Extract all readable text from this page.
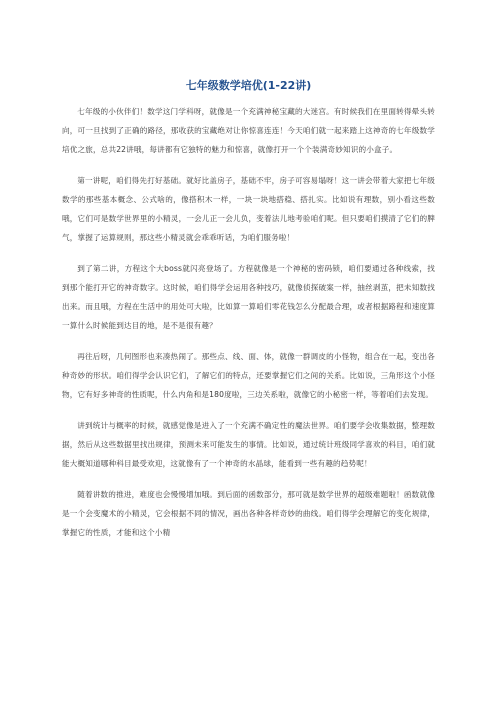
七年级数学培优(1-22讲)

七年级的小伙伴们！数学这门学科呀，就像是一个充满神秘宝藏的大迷宫。有时候我们在里面转得晕头转向，可一旦找到了正确的路径，那收获的宝藏绝对让你惊喜连连！今天咱们就一起来踏上这神奇的七年级数学培优之旅，总共22讲哦，每讲都有它独特的魅力和惊喜，就像打开一个个装满奇妙知识的小盒子。

第一讲呢，咱们得先打好基础。就好比盖房子，基础不牢，房子可容易塌呀！这一讲会带着大家把七年级数学的那些基本概念、公式啥的，像搭积木一样，一块一块地搭稳、搭扎实。比如说有理数，别小看这些数哦，它们可是数学世界里的小精灵，一会儿正一会儿负，变着法儿地考验咱们呢。但只要咱们摸清了它们的脾气，掌握了运算规则，那这些小精灵就会乖乖听话，为咱们服务啦！

到了第二讲，方程这个大boss就闪亮登场了。方程就像是一个神秘的密码锁，咱们要通过各种线索，找到那个能打开它的神奇数字。这时候，咱们得学会运用各种技巧，就像侦探破案一样，抽丝剥茧，把未知数找出来。而且哦，方程在生活中的用处可大啦，比如算一算咱们零花钱怎么分配最合理，或者根据路程和速度算一算什么时候能到达目的地，是不是很有趣？

再往后呀，几何图形也来凑热闹了。那些点、线、面、体，就像一群调皮的小怪物，组合在一起，变出各种奇妙的形状。咱们得学会认识它们，了解它们的特点，还要掌握它们之间的关系。比如说，三角形这个小怪物，它有好多神奇的性质呢，什么内角和是180度啦，三边关系啦，就像它的小秘密一样，等着咱们去发现。

讲到统计与概率的时候，就感觉像是进入了一个充满不确定性的魔法世界。咱们要学会收集数据，整理数据，然后从这些数据里找出规律，预测未来可能发生的事情。比如说，通过统计班级同学喜欢的科目，咱们就能大概知道哪种科目最受欢迎，这就像有了一个神奇的水晶球，能看到一些有趣的趋势呢！

随着讲数的推进，难度也会慢慢增加哦。到后面的函数部分，那可就是数学世界的超级难题啦！函数就像是一个会变魔术的小精灵，它会根据不同的情况，画出各种各样奇妙的曲线。咱们得学会理解它的变化规律，掌握它的性质，才能和这个小精
